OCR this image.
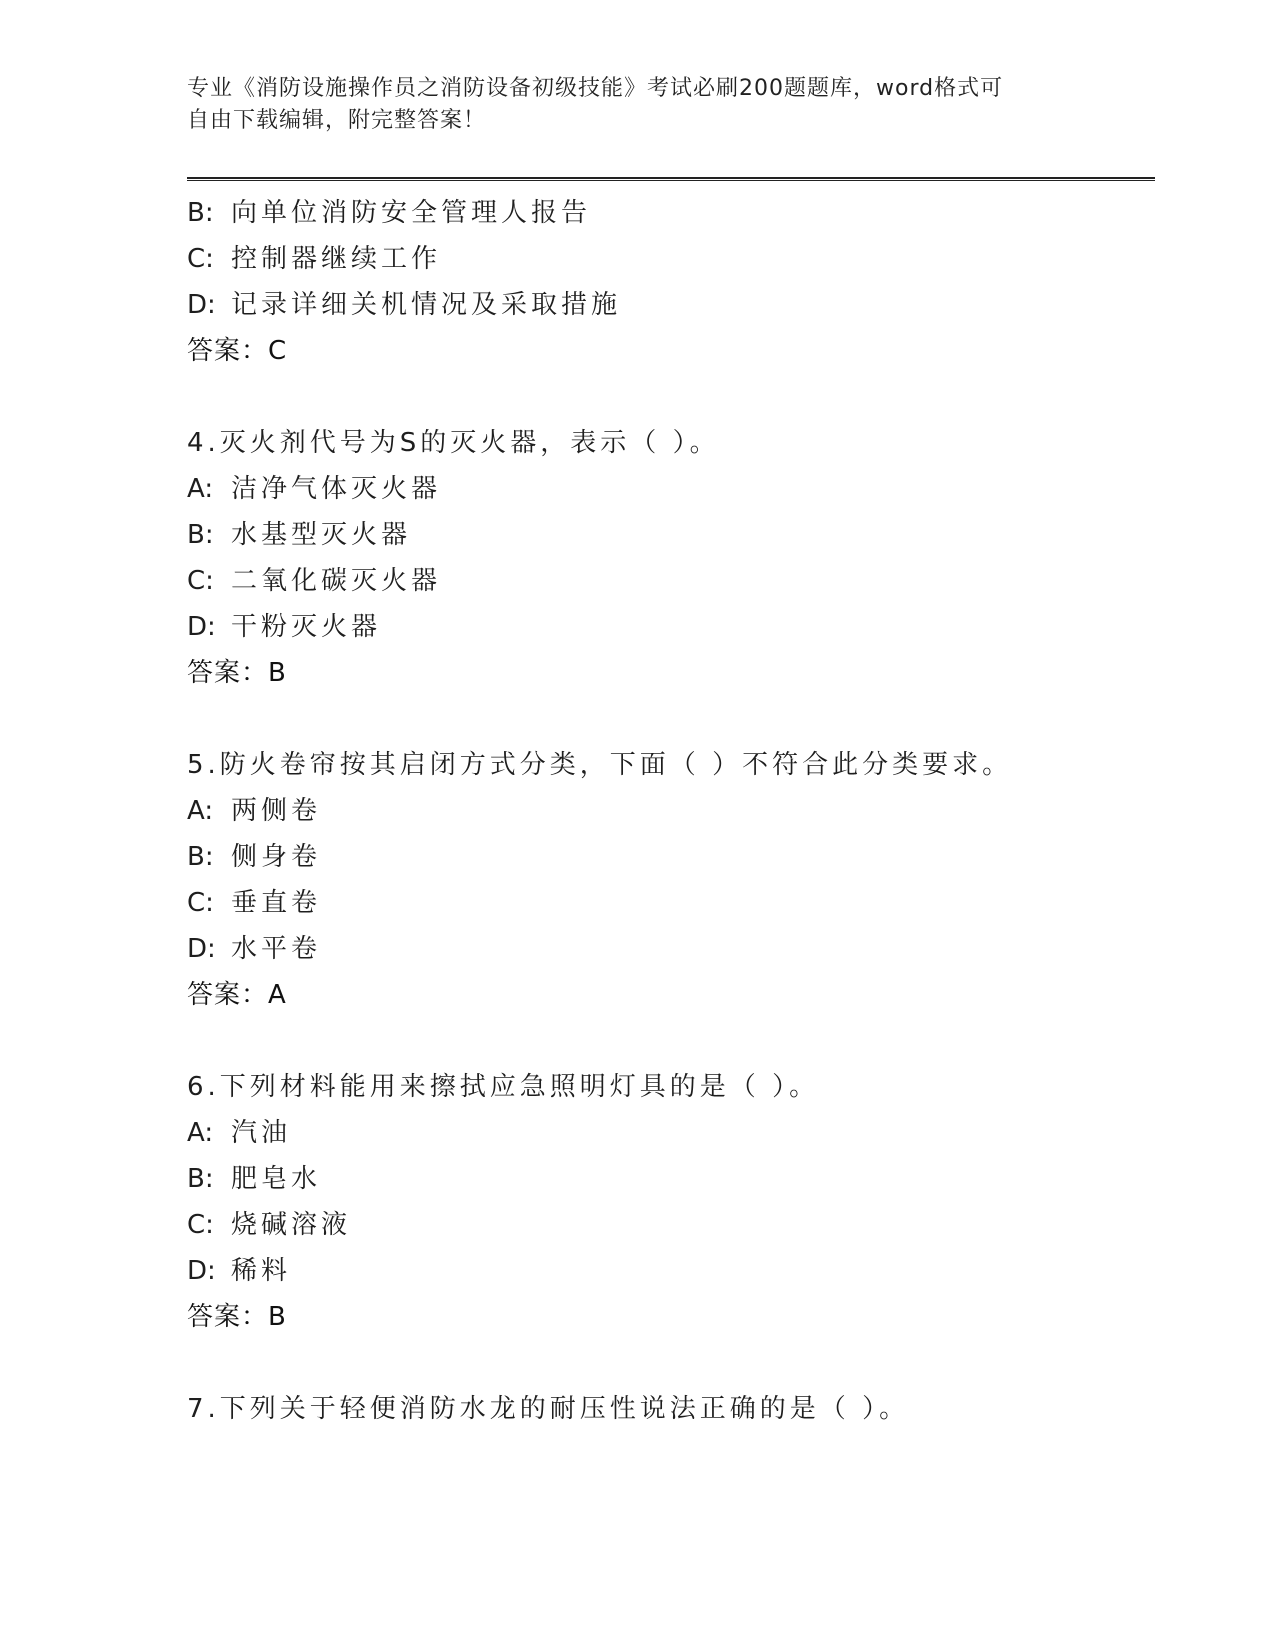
专业《消防设施操作员之消防设备初级技能》考试必刷200题题库，word格式可
自由下载编辑，附完整答案！
B: 向单位消防安全管理人报告
C: 控制器继续工作
D: 记录详细关机情况及采取措施
答案：C
4.灭火剂代号为S的灭火器，表示（ ）。
A: 洁净气体灭火器
B: 水基型灭火器
C: 二氧化碳灭火器
D: 干粉灭火器
答案：B
5.防火卷帘按其启闭方式分类，下面（ ）不符合此分类要求。
A: 两侧卷
B: 侧身卷
C: 垂直卷
D: 水平卷
答案：A
6.下列材料能用来擦拭应急照明灯具的是（ ）。
A: 汽油
B: 肥皂水
C: 烧碱溶液
D: 稀料
答案：B
7.下列关于轻便消防水龙的耐压性说法正确的是（ ）。
